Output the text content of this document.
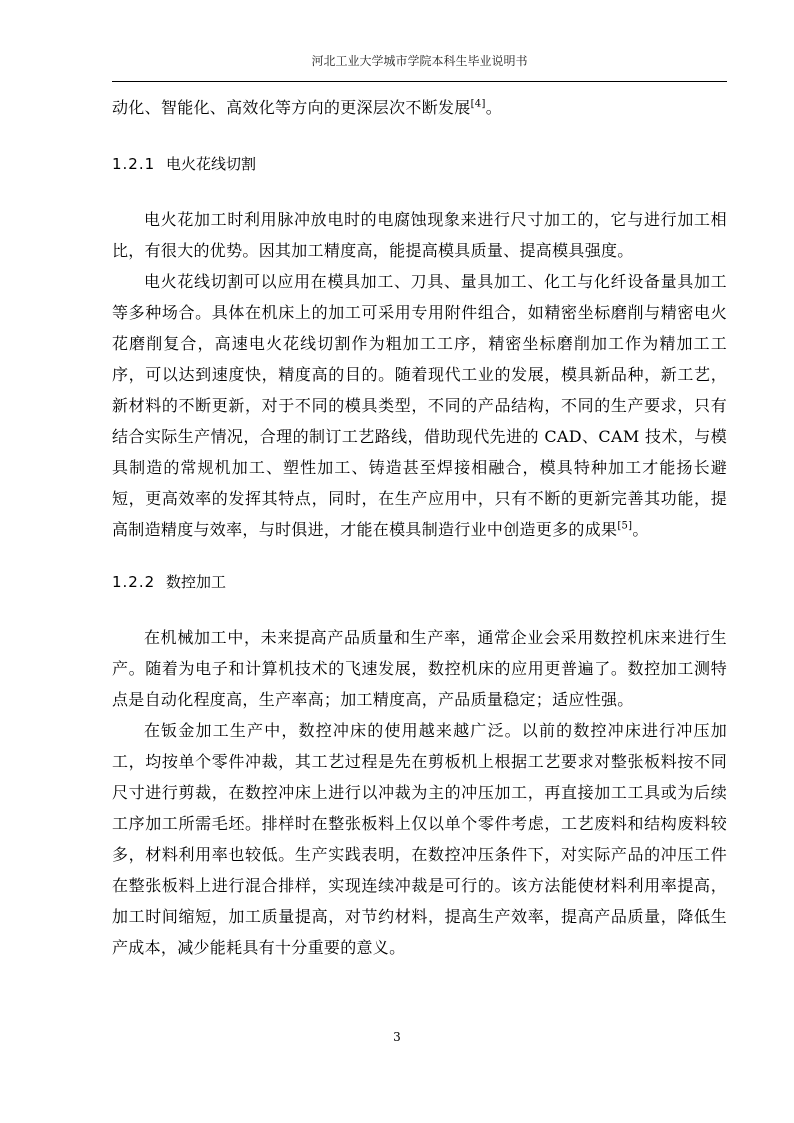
河北工业大学城市学院本科生毕业说明书

动化、智能化、高效化等方向的更深层次不断发展[4]。

1.2.1 电火花线切割

电火花加工时利用脉冲放电时的电腐蚀现象来进行尺寸加工的，它与进行加工相比，有很大的优势。因其加工精度高，能提高模具质量、提高模具强度。

电火花线切割可以应用在模具加工、刀具、量具加工、化工与化纤设备量具加工等多种场合。具体在机床上的加工可采用专用附件组合，如精密坐标磨削与精密电火花磨削复合，高速电火花线切割作为粗加工工序，精密坐标磨削加工作为精加工工序，可以达到速度快，精度高的目的。随着现代工业的发展，模具新品种，新工艺，新材料的不断更新，对于不同的模具类型，不同的产品结构，不同的生产要求，只有结合实际生产情况，合理的制订工艺路线，借助现代先进的 CAD、CAM 技术，与模具制造的常规机加工、塑性加工、铸造甚至焊接相融合，模具特种加工才能扬长避短，更高效率的发挥其特点，同时，在生产应用中，只有不断的更新完善其功能，提高制造精度与效率，与时俱进，才能在模具制造行业中创造更多的成果[5]。

1.2.2 数控加工

在机械加工中，未来提高产品质量和生产率，通常企业会采用数控机床来进行生产。随着为电子和计算机技术的飞速发展，数控机床的应用更普遍了。数控加工测特点是自动化程度高，生产率高；加工精度高，产品质量稳定；适应性强。

在钣金加工生产中，数控冲床的使用越来越广泛。以前的数控冲床进行冲压加工，均按单个零件冲裁，其工艺过程是先在剪板机上根据工艺要求对整张板料按不同尺寸进行剪裁，在数控冲床上进行以冲裁为主的冲压加工，再直接加工工具或为后续工序加工所需毛坯。排样时在整张板料上仅以单个零件考虑，工艺废料和结构废料较多，材料利用率也较低。生产实践表明，在数控冲压条件下，对实际产品的冲压工件在整张板料上进行混合排样，实现连续冲裁是可行的。该方法能使材料利用率提高，加工时间缩短，加工质量提高，对节约材料，提高生产效率，提高产品质量，降低生产成本，减少能耗具有十分重要的意义。

3
